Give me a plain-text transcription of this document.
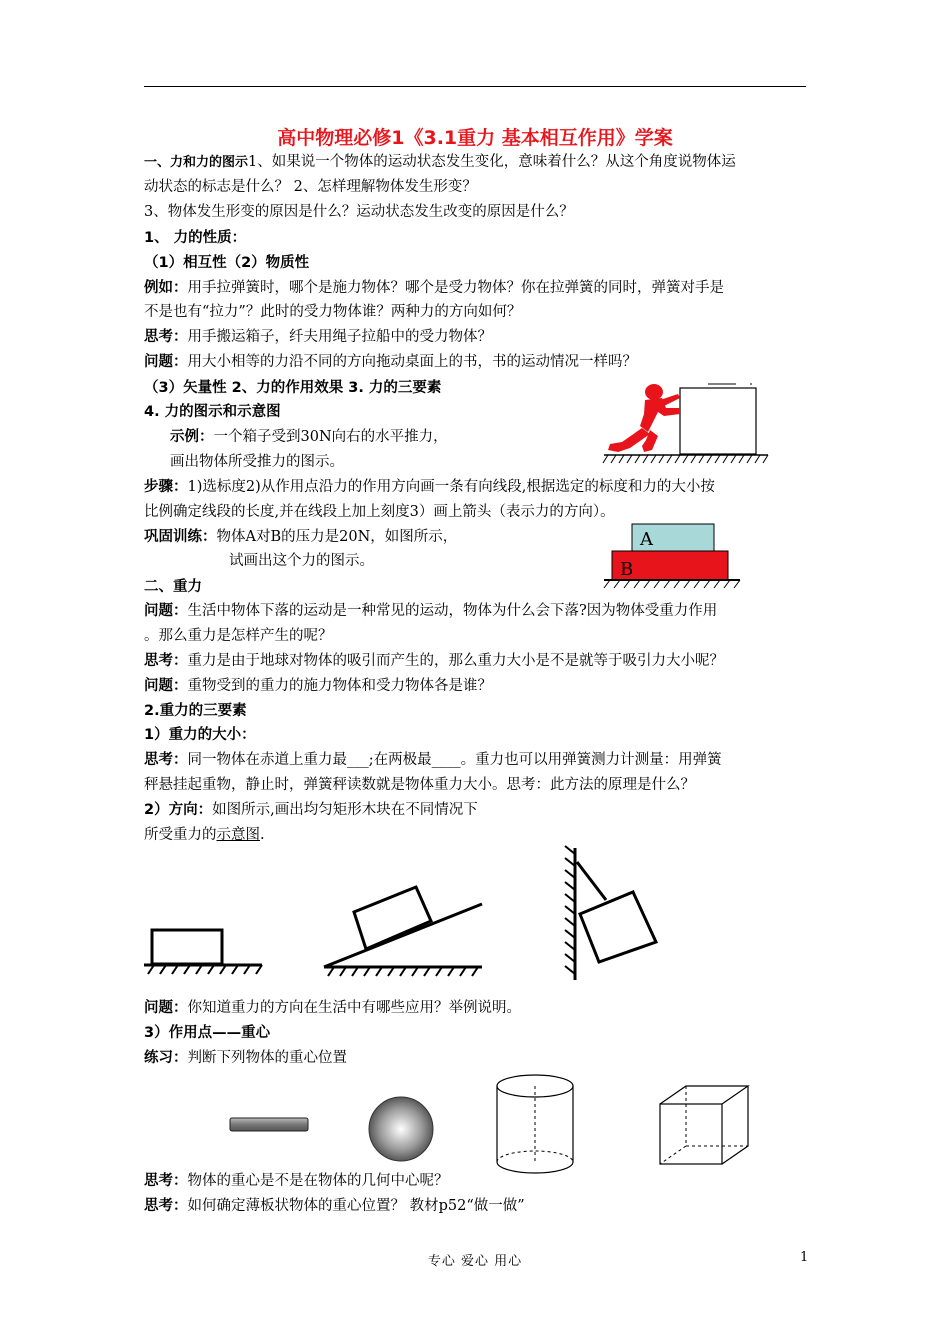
高中物理必修1《3.1重力 基本相互作用》学案
一、力和力的图示1、如果说一个物体的运动状态发生变化，意味着什么？从这个角度说物体运
动状态的标志是什么？ 2、怎样理解物体发生形变？
3、物体发生形变的原因是什么？运动状态发生改变的原因是什么？
1、 力的性质：
（1）相互性（2）物质性
例如：用手拉弹簧时，哪个是施力物体？哪个是受力物体？你在拉弹簧的同时，弹簧对手是
不是也有“拉力”？此时的受力物体谁？两种力的方向如何？
思考：用手搬运箱子，纤夫用绳子拉船中的受力物体？
问题：用大小相等的力沿不同的方向拖动桌面上的书，书的运动情况一样吗？
（3）矢量性 2、力的作用效果 3. 力的三要素
4. 力的图示和示意图
示例：一个箱子受到30N向右的水平推力，
画出物体所受推力的图示。
步骤：1)选标度2)从作用点沿力的作用方向画一条有向线段,根据选定的标度和力的大小按
比例确定线段的长度,并在线段上加上刻度3）画上箭头（表示力的方向）。
巩固训练：物体A对B的压力是20N，如图所示，
试画出这个力的图示。
二、重力
问题：生活中物体下落的运动是一种常见的运动，物体为什么会下落?因为物体受重力作用
。那么重力是怎样产生的呢？
思考：重力是由于地球对物体的吸引而产生的，那么重力大小是不是就等于吸引力大小呢？
问题：重物受到的重力的施力物体和受力物体各是谁？
2.重力的三要素
1）重力的大小：
思考：同一物体在赤道上重力最___;在两极最____。重力也可以用弹簧测力计测量：用弹簧
秤悬挂起重物，静止时，弹簧秤读数就是物体重力大小。思考：此方法的原理是什么？
2）方向：如图所示,画出均匀矩形木块在不同情况下
所受重力的示意图.
问题：你知道重力的方向在生活中有哪些应用？举例说明。
3）作用点——重心
练习：判断下列物体的重心位置
思考：物体的重心是不是在物体的几何中心呢？
思考：如何确定薄板状物体的重心位置？ 教材p52“做一做”
A
B
专心 爱心 用心	1
